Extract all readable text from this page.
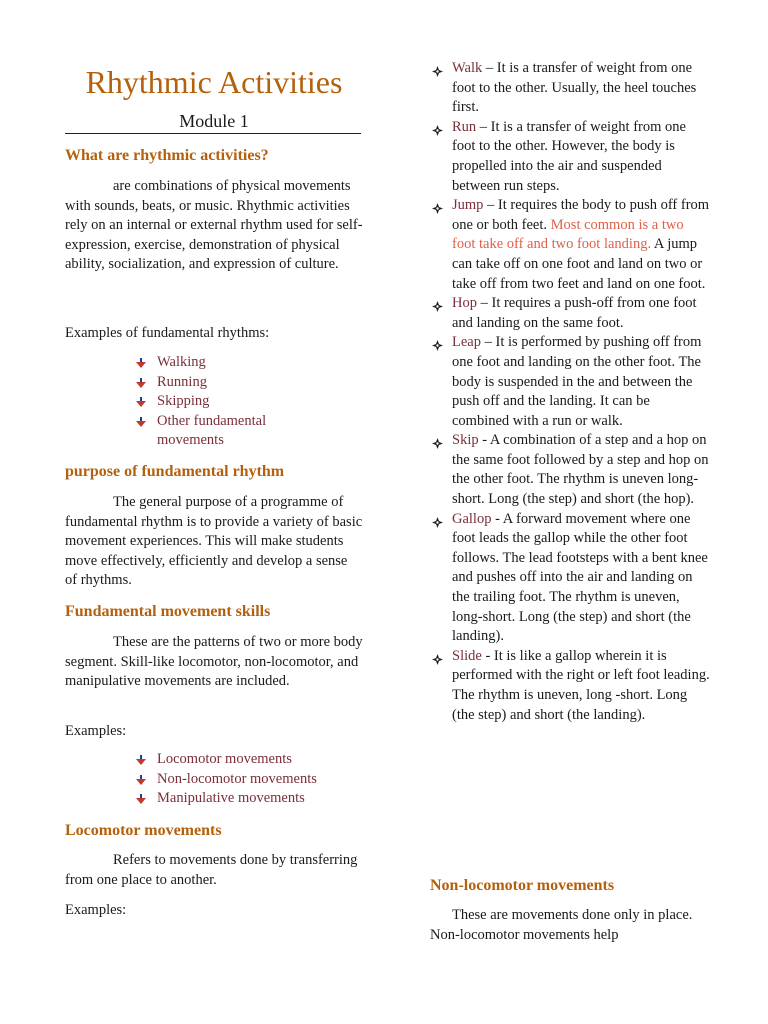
Rhythmic Activities
Module 1
What are rhythmic activities?

are combinations of physical movements with sounds, beats, or music. Rhythmic activities rely on an internal or external rhythm used for self-expression, exercise, demonstration of physical ability, socialization, and expression of culture.

Examples of fundamental rhythms:
Walking
Running
Skipping
Other fundamental movements
purpose of fundamental rhythm

The general purpose of a programme of fundamental rhythm is to provide a variety of basic movement experiences. This will make students move effectively, efficiently and develop a sense of rhythms.

Fundamental movement skills

These are the patterns of two or more body segment. Skill-like locomotor, non-locomotor, and manipulative movements are included.

Examples:
Locomotor movements
Non-locomotor movements
Manipulative movements
Locomotor movements

Refers to movements done by transferring from one place to another.

Examples:
Walk – It is a transfer of weight from one foot to the other. Usually, the heel touches first.
Run – It is a transfer of weight from one foot to the other. However, the body is propelled into the air and suspended between run steps.
Jump – It requires the body to push off from one or both feet. Most common is a two foot take off and two foot landing. A jump can take off on one foot and land on two or take off from two feet and land on one foot.
Hop – It requires a push-off from one foot and landing on the same foot.
Leap – It is performed by pushing off from one foot and landing on the other foot. The body is suspended in the and between the push off and the landing. It can be combined with a run or walk.
Skip - A combination of a step and a hop on the same foot followed by a step and hop on the other foot. The rhythm is uneven long-short. Long (the step) and short (the hop).
Gallop - A forward movement where one foot leads the gallop while the other foot follows. The lead footsteps with a bent knee and pushes off into the air and landing on the trailing foot. The rhythm is uneven, long-short. Long (the step) and short (the landing).
Slide - It is like a gallop wherein it is performed with the right or left foot leading. The rhythm is uneven, long -short. Long (the step) and short (the landing).
Non-locomotor movements

These are movements done only in place. Non-locomotor movements help
